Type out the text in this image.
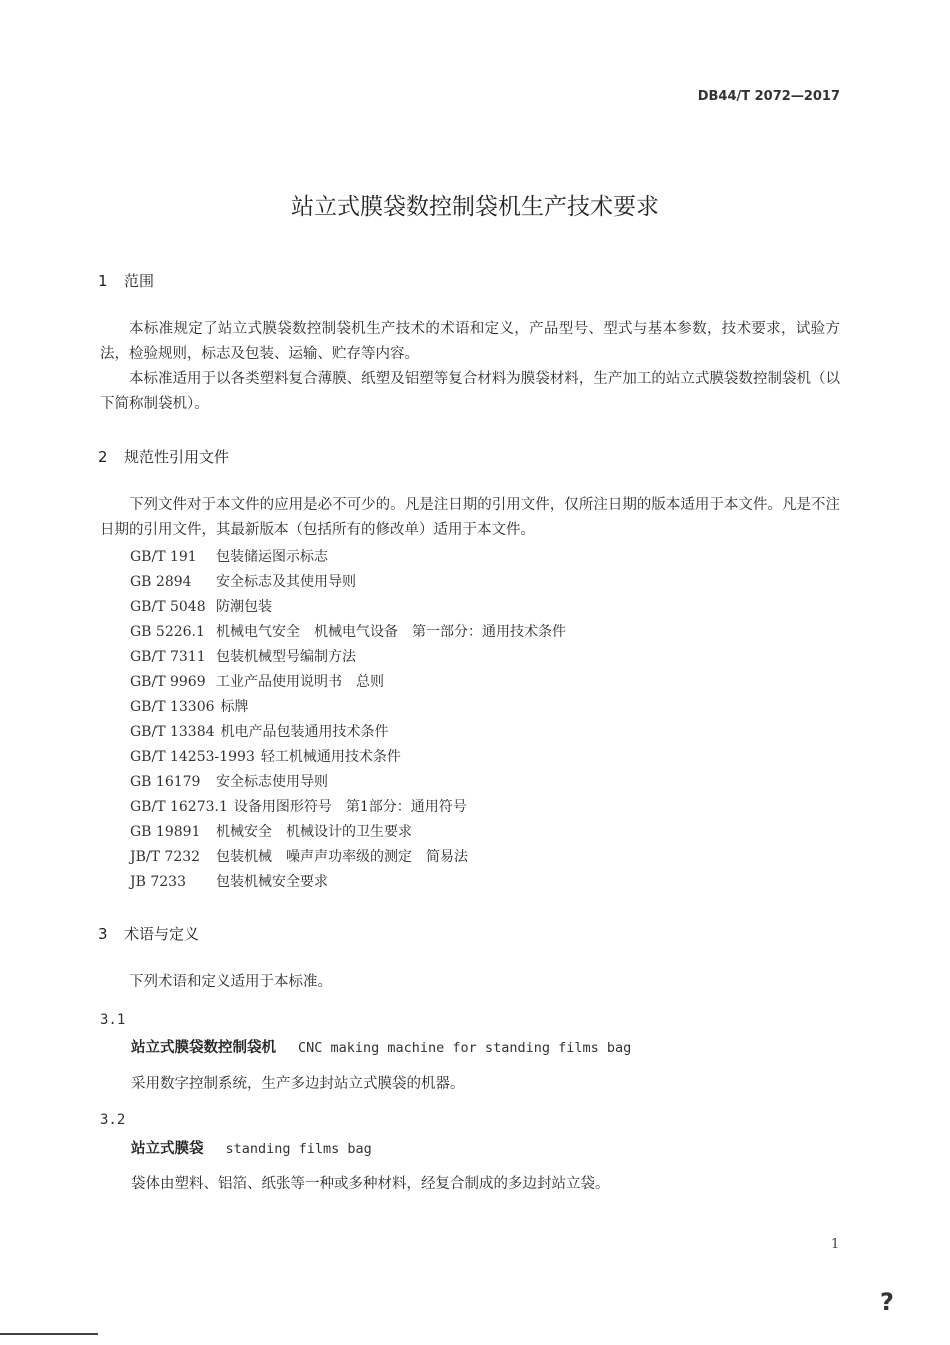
DB44/T 2072—2017
站立式膜袋数控制袋机生产技术要求
1 范围

本标准规定了站立式膜袋数控制袋机生产技术的术语和定义，产品型号、型式与基本参数，技术要求，试验方法，检验规则，标志及包装、运输、贮存等内容。

本标准适用于以各类塑料复合薄膜、纸塑及铝塑等复合材料为膜袋材料，生产加工的站立式膜袋数控制袋机（以下简称制袋机）。

2 规范性引用文件

下列文件对于本文件的应用是必不可少的。凡是注日期的引用文件，仅所注日期的版本适用于本文件。凡是不注日期的引用文件，其最新版本（包括所有的修改单）适用于本文件。

GB/T 191 包装储运图示标志
GB 2894 安全标志及其使用导则
GB/T 5048 防潮包装
GB 5226.1 机械电气安全　机械电气设备　第一部分：通用技术条件
GB/T 7311 包装机械型号编制方法
GB/T 9969 工业产品使用说明书　总则
GB/T 13306 标牌
GB/T 13384 机电产品包装通用技术条件
GB/T 14253-1993 轻工机械通用技术条件
GB 16179 安全标志使用导则
GB/T 16273.1 设备用图形符号　第1部分：通用符号
GB 19891 机械安全　机械设计的卫生要求
JB/T 7232 包装机械　噪声声功率级的测定　简易法
JB 7233 包装机械安全要求
3 术语与定义

下列术语和定义适用于本标准。

3.1
站立式膜袋数控制袋机 CNC making machine for standing films bag
采用数字控制系统，生产多边封站立式膜袋的机器。
3.2
站立式膜袋 standing films bag
袋体由塑料、铝箔、纸张等一种或多种材料，经复合制成的多边封站立袋。
1
?
